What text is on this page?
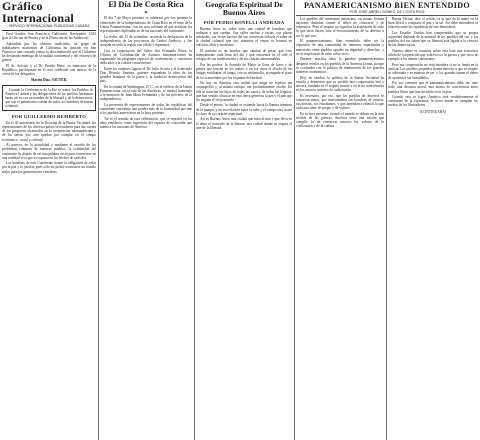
Gráfico Internacional
SERVICIO INTERNACIONAL PUBLICIDAD CANADÁ

Fred Guedes, San Francisco, California. Noviembre, 1943 (por la Oficina de Prensa y de la Dirección de las Américas).

Aplaudido por los obreros sindicados, un grupo de trabajadores marítimos de California ha iniciado en San Francisco una cruzada contra la discriminación que el Gobierno ha declarado enemiga de la unidad continental y del esfuerzo de guerra.

El Sr. Arévalo y el Dr. Pereda Pérez, ex ministros de la República, participaron en el acto celebrado con motivo de la visita de los delegados.

Martín Díaz, SAUTEB.

Cuando la Conferencia de la Paz se reúna, los Pueblos de América Central y las delegaciones de los pueblos hermanos harán oír su voz en nombre de la libertad y de la democracia, que son el patrimonio común de todos los hombres de buena voluntad.

POR GUILLERMO REMBERTO

En el 40 aniversario de la Doctrina de la Buena Vecindad, los representantes de los diversos países se reunieron para dar cuenta de los progresos alcanzados en la cooperación interamericana y de las tareas que aún quedan por cumplir en el campo económico, social y cultural.

Al parecer, en la actualidad y mediante el estudio de los problemas comunes de nuestros pueblos, la solidaridad del continente ha dejado de ser una palabra vacía para convertirse en una realidad viva que se expresa en los hechos de cada día.

Los hombres de este Continente tienen la obligación de velar por la paz y la justicia, pues sólo así podrá construirse un mundo mejor para las generaciones venideras.

El Día De Costa Rica
✦

El día 7 de Mayo próximo se celebrará por vez primera la efemérides de la independencia de Costa Rica en el seno de la Unión Panamericana, con un acto solemne al que asistirán los representantes diplomáticos de las naciones del continente.

La fecha, del 15 de setiembre, recuerda la declaración de la independencia de las provincias de Centro América, y fue acogida en toda la región con júbilo y esperanza.

Con la cooperación del Señor don Fernando Pérez, la Oficina de Coordinación de Asuntos Interamericanos ha organizado un programa especial de conferencias y conciertos dedicados a la cultura costarricense.

Entre los oradores figuran el Dr. Julio Acosta y el licenciado Don Ricardo Jiménez, quienes expondrán la obra de los grandes hombres de la patria y la tradición democrática del país.

En la ciudad de Washington, D. C., en el edificio de la Unión Panamericana, en su sala de las Américas, se rendirá homenaje a la memoria de Juan Mora Fernández y de los próceres de la independencia.

La presencia de representantes de todas las repúblicas del continente constituye una prueba más de la fraternidad que une a los pueblos americanos en la hora presente.

Tal es el sentido de esta celebración, que se repetirá en los años venideros como expresión del espíritu de concordia que anima a las naciones de América.

Geografía Espiritual De Buenos Aires
POR PEDRO BONELLI ANDRADA

Buenos Aires es, sobre todo, una ciudad de hombres que trabajan y que sueñan. Sus calles anchas y rectas, sus plazas arboladas, sus viejos barrios del sur conservan todavía el sabor de la ciudad colonial que fue, mientras el centro se levanta en edificios altos y modernos.

El porteño es un hombre que camina de prisa, que vive intensamente cada hora del día y que encuentra en el café el refugio de sus meditaciones y de sus charlas interminables.

Por las noches, la Avenida de Mayo se llena de luces y de gentes que buscan en los teatros y en los cines el olvido de las fatigas cotidianas; el tango, con su melancolía, acompaña el paso de los transeúntes por las esquinas del arrabal.

No hay en América otra ciudad que tenga un espíritu tan cosmopolita y, al mismo tiempo, tan profundamente criollo. En ella se mezclan los hijos de todas las razas y de todas las lenguas, que han venido a buscar en esta tierra generosa la paz y el pan que les negaba el viejo mundo.

Desde el puerto, la ciudad se extiende hacia la llanura inmensa de la pampa, y en esa relación entre la urbe y el campo está acaso la clave de su carácter espiritual.

Así es Buenos Aires: una ciudad que mira al mar y que lleva en el alma el recuerdo de la llanura, una ciudad donde se respira el aire de la libertad.

PANAMERICANISMO BIEN ENTENDIDO
POR JOSÉ ABREU GÓMEZ, DE COSTA RICA

Los pueblos del continente americano, en cuanto forman naciones distintas, tienen el deber de conocerse y de respetarse. Pero el respeto no significa la aceptación de todo lo que otros hacen, sino el reconocimiento de su derecho a ser lo que son.

El panamericanismo, bien entendido, debe ser la expresión de una comunidad de intereses espirituales y materiales entre pueblos iguales en dignidad y derechos, y no la imposición de unos sobre otros.

Durante muchos años la palabra panamericanismo despertó recelos en los pueblos de la América Latina, porque se confundía con la política de dominación de los grandes intereses económicos.

Hoy, en cambio, la política de la Buena Vecindad ha venido a demostrar que es posible una cooperación leal y sincera, fundada en el respeto mutuo y en la no intervención en los asuntos internos de cada nación.

Es necesario, por eso, que los pueblos de América se conozcan mejor, que intercambien sus hombres de ciencia, sus artistas, sus estudiantes, y que aprendan a estimar lo que cada uno tiene de propio y de valioso.

En la hora presente, cuando el mundo se debate en la más terrible de las guerras, América tiene una misión que cumplir: la de conservar intactos los valores de la civilización y de la cultura.

Buena Vecina, dice el refrán, es la que da la mano en la hora difícil y comparte el pan y la sal. Así debe entenderse la relación entre las repúblicas de este hemisferio.

Los Estados Unidos han comprendido que su propia seguridad depende de la amistad de los pueblos del sur, y los pueblos del sur saben que su libertad está ligada a la victoria de las democracias.

Nuestro deber es construir sobre esta base una estructura sólida de cooperación que sobreviva a la guerra y que sirva de ejemplo a los demás continentes.

Pero esa cooperación no será duradera si no se funda en la justicia. Los pueblos pequeños tienen derecho a que se respete su soberanía y su manera de ser, y los grandes tienen el deber de ayudarlos sin humillarlos.

Por eso creemos que el panamericanismo debe ser, ante todo, una doctrina moral, una norma de convivencia entre pueblos libres que han decidido vivir en paz.

Cuando esto se logre, América será verdaderamente el continente de la esperanza, la tierra donde se cumplan los sueños de los libertadores.

(CONTINUARÁ)
